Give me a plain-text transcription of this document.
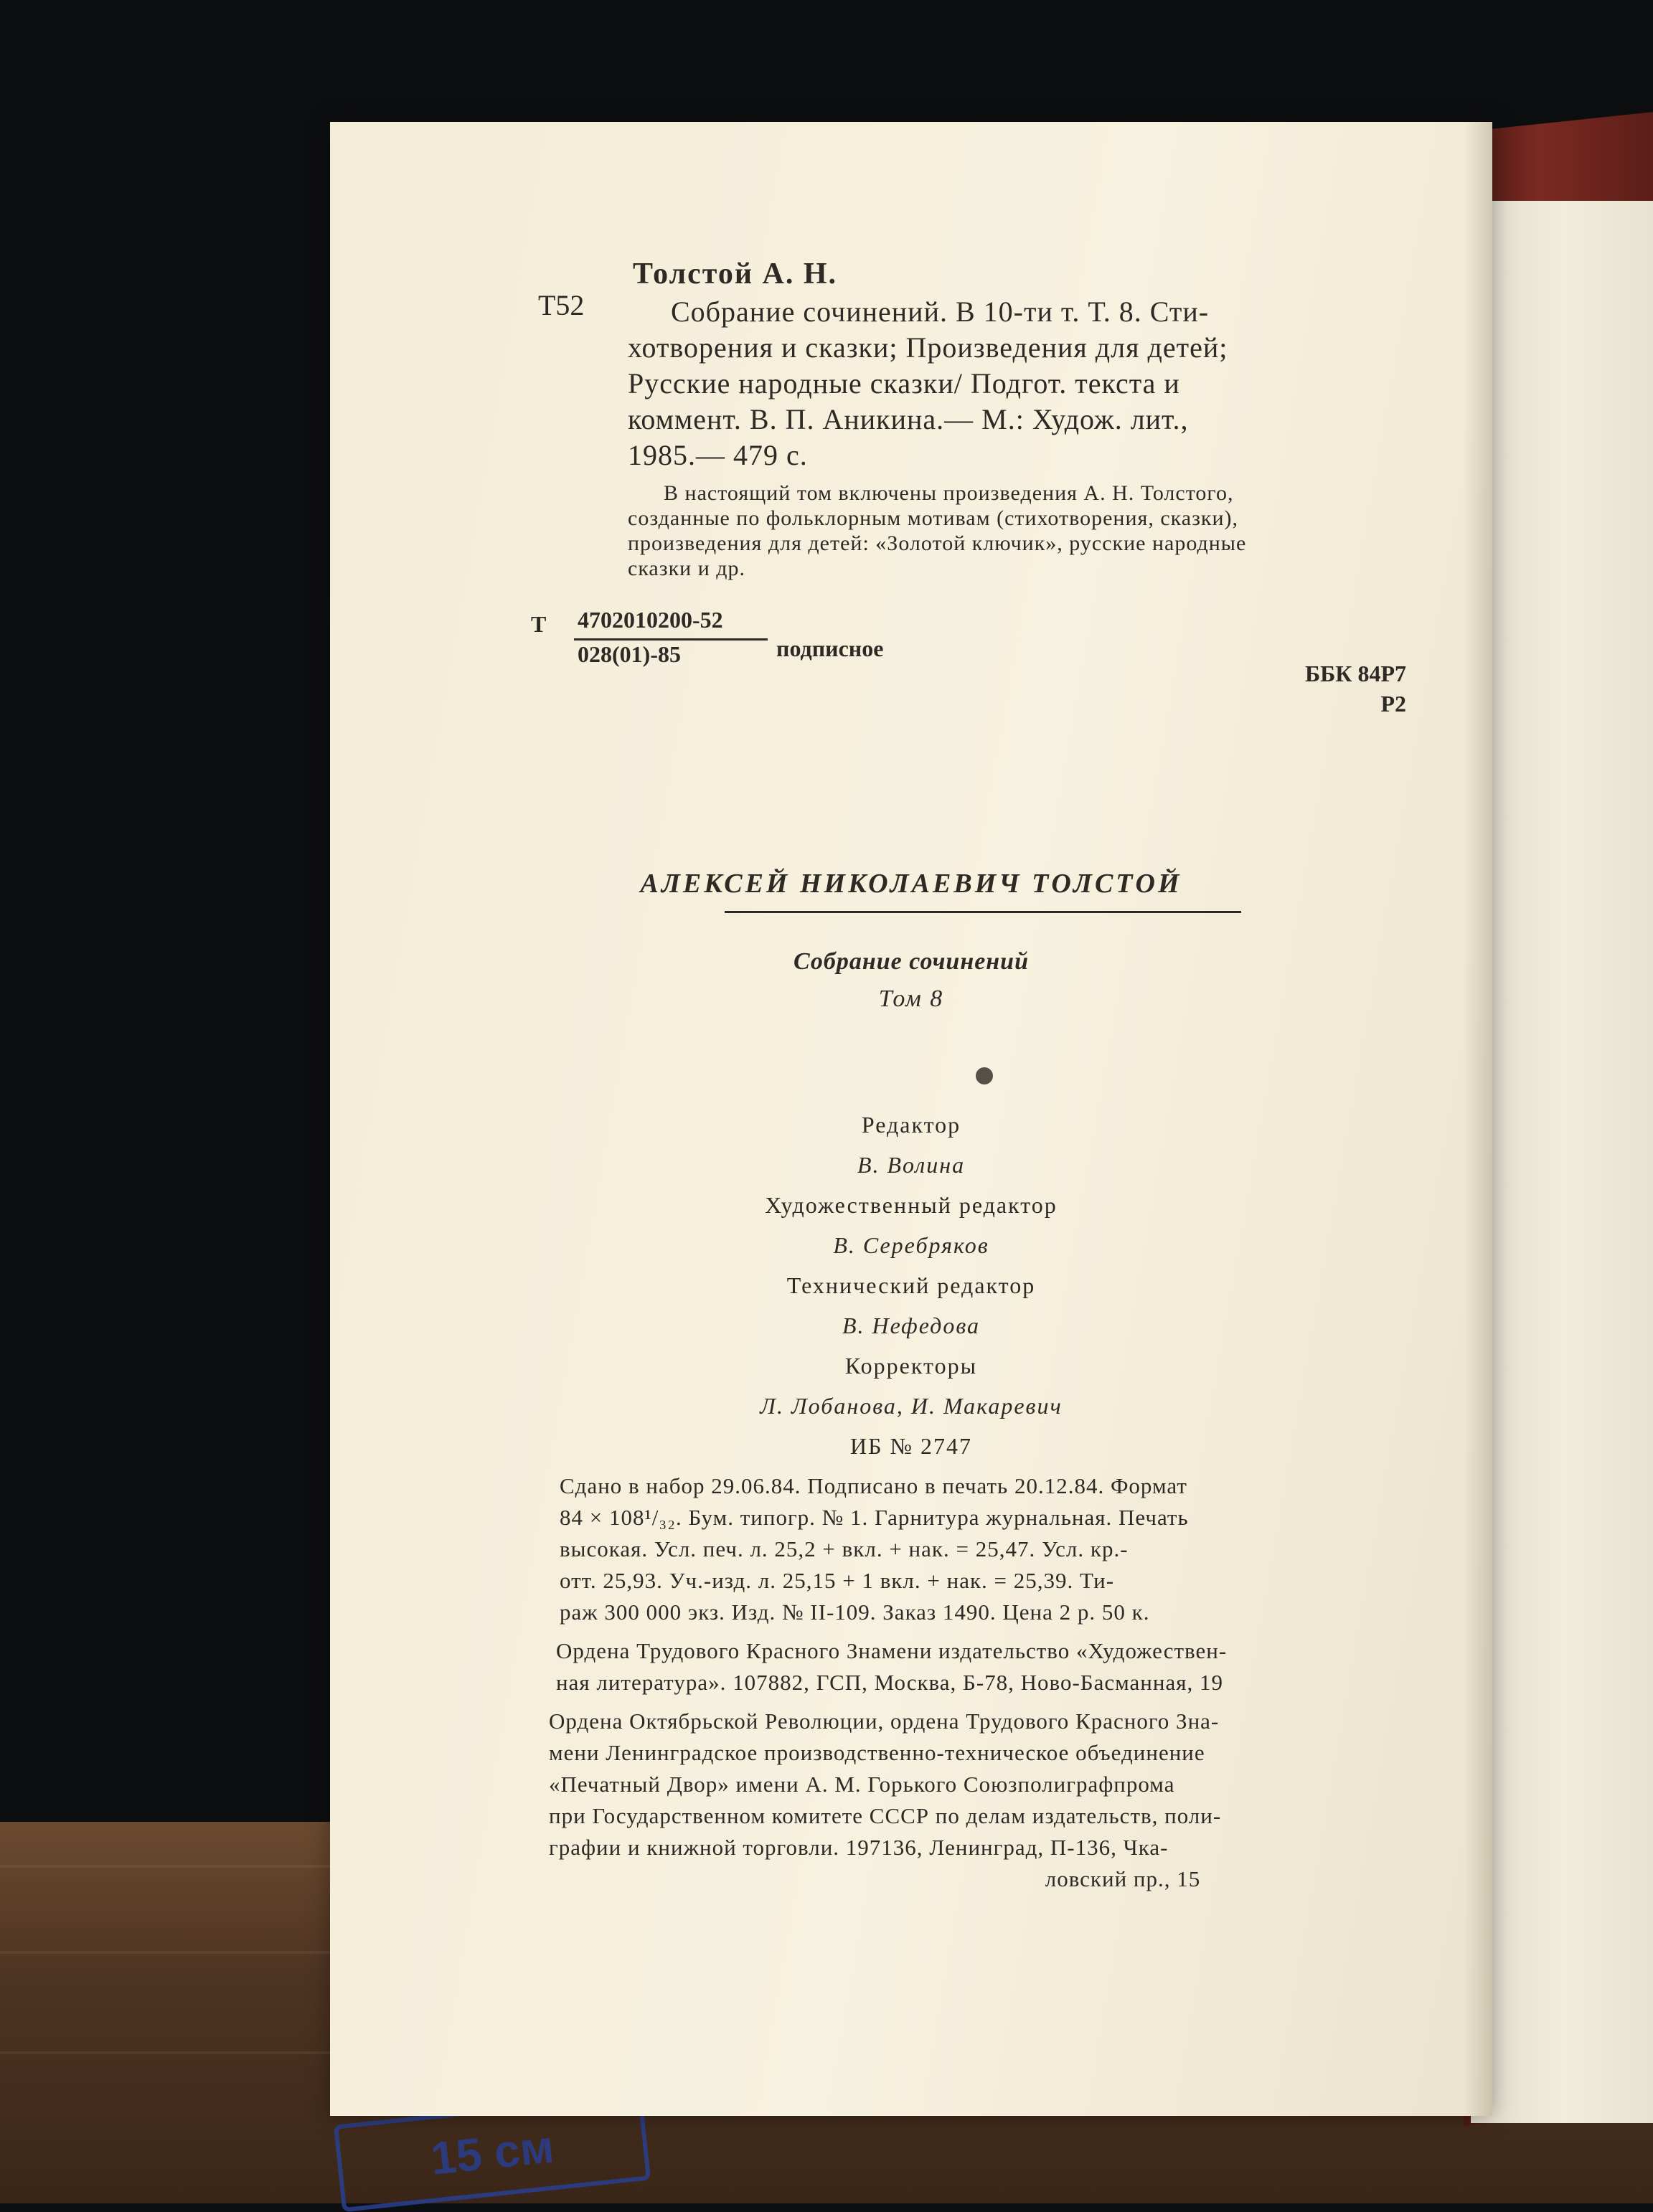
15 см
Т52
Толстой А. Н.
Собрание сочинений. В 10-ти т. Т. 8. Сти-
хотворения и сказки; Произведения для детей;
Русские народные сказки/ Подгот. текста и
коммент. В. П. Аникина.— М.: Худож. лит.,
1985.— 479 с.
В настоящий том включены произведения А. Н. Толстого,
созданные по фольклорным мотивам (стихотворения, сказки),
произведения для детей: «Золотой ключик», русские народные
сказки и др.
Т 4702010200-52
028(01)-85	подписное
ББК 84Р7
Р2
АЛЕКСЕЙ НИКОЛАЕВИЧ ТОЛСТОЙ
Собрание сочинений
Том 8
Редактор
В. Волина
Художественный редактор
В. Серебряков
Технический редактор
В. Нефедова
Корректоры
Л. Лобанова, И. Макаревич
ИБ № 2747
Сдано в набор 29.06.84. Подписано в печать 20.12.84. Формат
84 × 108¹/₃₂. Бум. типогр. № 1. Гарнитура журнальная. Печать
высокая. Усл. печ. л. 25,2 + вкл. + нак. = 25,47. Усл. кр.-
отт. 25,93. Уч.-изд. л. 25,15 + 1 вкл. + нак. = 25,39. Ти-
раж 300 000 экз. Изд. № II-109. Заказ 1490. Цена 2 р. 50 к.
Ордена Трудового Красного Знамени издательство «Художествен-
ная литература». 107882, ГСП, Москва, Б-78, Ново-Басманная, 19
Ордена Октябрьской Революции, ордена Трудового Красного Зна-
мени Ленинградское производственно-техническое объединение
«Печатный Двор» имени А. М. Горького Союзполиграфпрома
при Государственном комитете СССР по делам издательств, поли-
графии и книжной торговли. 197136, Ленинград, П-136, Чка-
ловский пр., 15
